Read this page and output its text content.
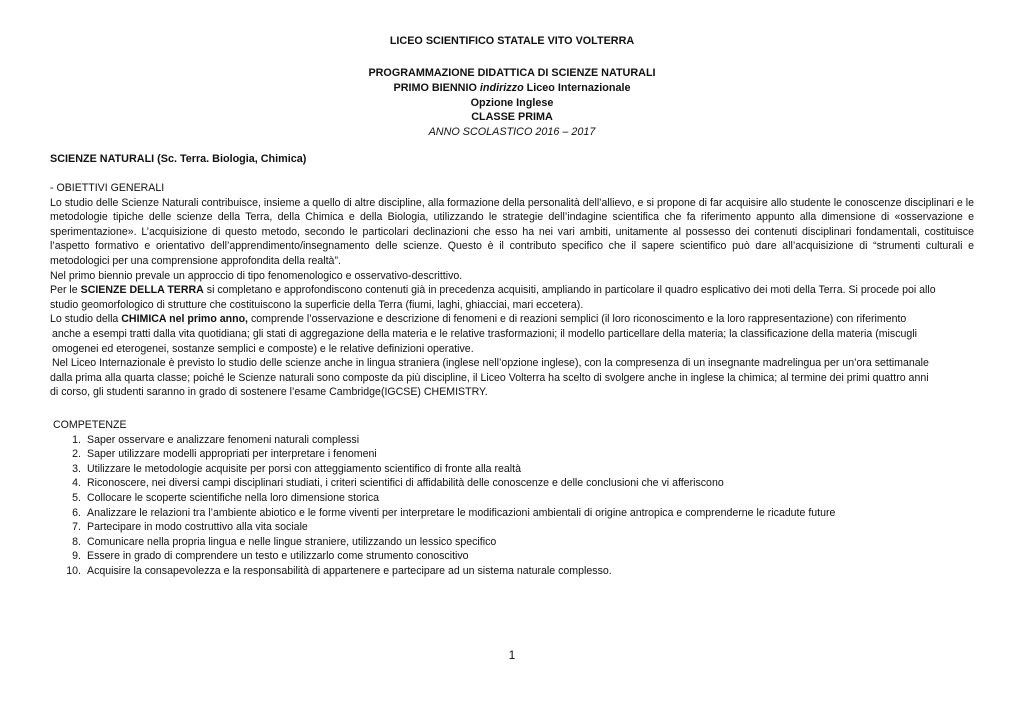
LICEO SCIENTIFICO STATALE VITO VOLTERRA
PROGRAMMAZIONE DIDATTICA DI SCIENZE NATURALI
PRIMO BIENNIO indirizzo Liceo Internazionale
Opzione Inglese
CLASSE PRIMA
ANNO SCOLASTICO 2016 – 2017
SCIENZE NATURALI (Sc. Terra. Biologia, Chimica)

- OBIETTIVI GENERALI

Lo studio delle Scienze Naturali contribuisce, insieme a quello di altre discipline, alla formazione della personalità dell’allievo, e si propone di far acquisire allo studente le conoscenze disciplinari e le metodologie tipiche delle scienze della Terra, della Chimica e della Biologia, utilizzando le strategie dell’indagine scientifica che fa riferimento appunto alla dimensione di «osservazione e sperimentazione». L’acquisizione di questo metodo, secondo le particolari declinazioni che esso ha nei vari ambiti, unitamente al possesso dei contenuti disciplinari fondamentali, costituisce l’aspetto formativo e orientativo dell’apprendimento/insegnamento delle scienze. Questo è il contributo specifico che il sapere scientifico può dare all’acquisizione di “strumenti culturali e metodologici per una comprensione approfondita della realtà”.

Nel primo biennio prevale un approccio di tipo fenomenologico e osservativo-descrittivo.

Per le SCIENZE DELLA TERRA si completano e approfondiscono contenuti già in precedenza acquisiti, ampliando in particolare il quadro esplicativo dei moti della Terra. Si procede poi allo
studio geomorfologico di strutture che costituiscono la superficie della Terra (fiumi, laghi, ghiacciai, mari eccetera).

Lo studio della CHIMICA nel primo anno, comprende l’osservazione e descrizione di fenomeni e di reazioni semplici (il loro riconoscimento e la loro rappresentazione) con riferimento
anche a esempi tratti dalla vita quotidiana; gli stati di aggregazione della materia e le relative trasformazioni; il modello particellare della materia; la classificazione della materia (miscugli
omogenei ed eterogenei, sostanze semplici e composte) e le relative definizioni operative.

Nel Liceo Internazionale è previsto lo studio delle scienze anche in lingua straniera (inglese nell’opzione inglese), con la compresenza di un insegnante madrelingua per un’ora settimanale
dalla prima alla quarta classe; poiché le Scienze naturali sono composte da più discipline, il Liceo Volterra ha scelto di svolgere anche in inglese la chimica; al termine dei primi quattro anni
di corso, gli studenti saranno in grado di sostenere l’esame Cambridge(IGCSE) CHEMISTRY.

COMPETENZE
1. Saper osservare e analizzare fenomeni naturali complessi
2. Saper utilizzare modelli appropriati per interpretare i fenomeni
3. Utilizzare le metodologie acquisite per porsi con atteggiamento scientifico di fronte alla realtà
4. Riconoscere, nei diversi campi disciplinari studiati, i criteri scientifici di affidabilità delle conoscenze e delle conclusioni che vi afferiscono
5. Collocare le scoperte scientifiche nella loro dimensione storica
6. Analizzare le relazioni tra l’ambiente abiotico e le forme viventi per interpretare le modificazioni ambientali di origine antropica e comprenderne le ricadute future
7. Partecipare in modo costruttivo alla vita sociale
8. Comunicare nella propria lingua e nelle lingue straniere, utilizzando un lessico specifico
9. Essere in grado di comprendere un testo e utilizzarlo come strumento conoscitivo
10. Acquisire la consapevolezza e la responsabilità di appartenere e partecipare ad un sistema naturale complesso.
1
